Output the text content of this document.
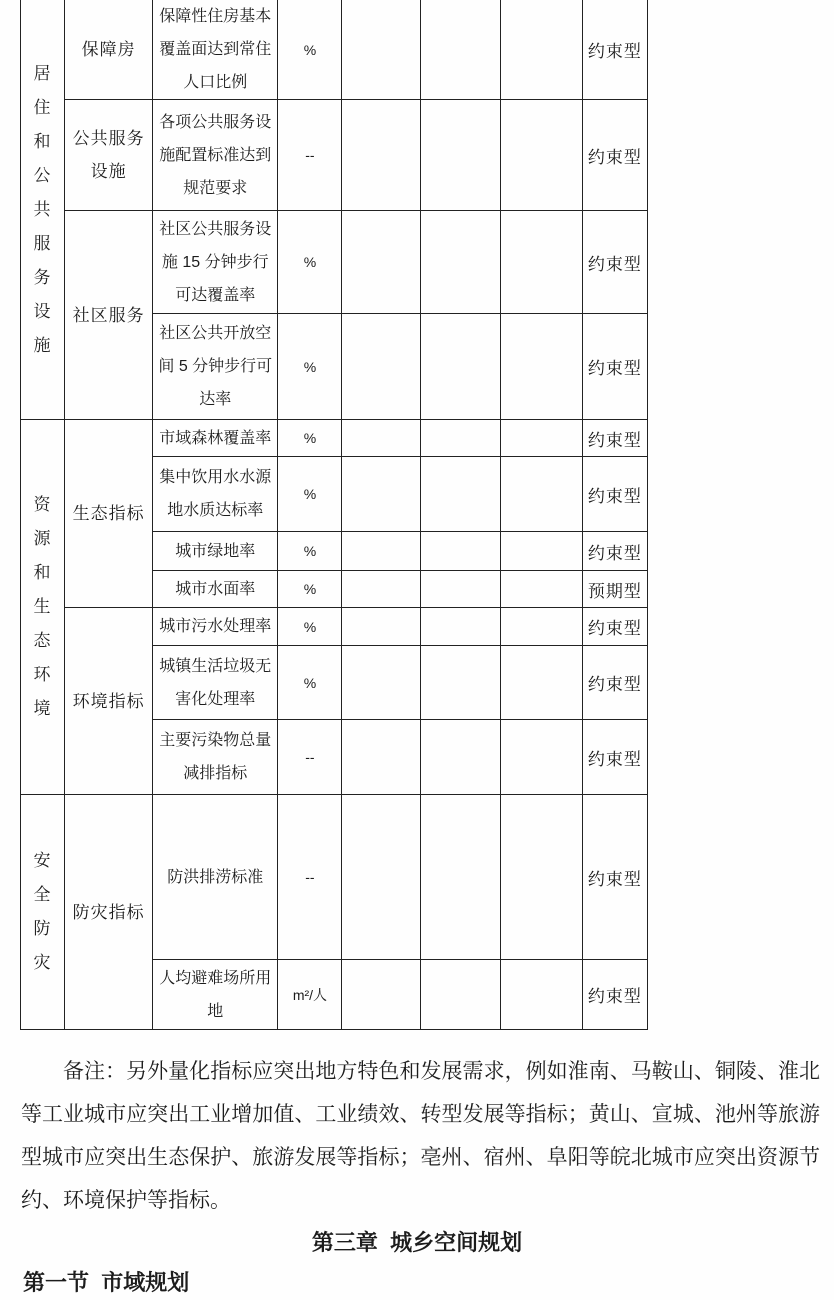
居住和公共服务设施	保障房	保障性住房基本覆盖面达到常住人口比例	%				约束型
	公共服务设施	各项公共服务设施配置标准达到规范要求	--				约束型
	社区服务	社区公共服务设施 15 分钟步行可达覆盖率	%				约束型
		社区公共开放空间 5 分钟步行可达率	%				约束型
资源和生态环境	生态指标	市域森林覆盖率	%				约束型
		集中饮用水水源地水质达标率	%				约束型
		城市绿地率	%				约束型
		城市水面率	%				预期型
	环境指标	城市污水处理率	%				约束型
		城镇生活垃圾无害化处理率	%				约束型
		主要污染物总量减排指标	--				约束型
安全防灾	防灾指标	防洪排涝标准	--				约束型
		人均避难场所用地	m²/人				约束型

备注：另外量化指标应突出地方特色和发展需求，例如淮南、马鞍山、铜陵、淮北等工业城市应突出工业增加值、工业绩效、转型发展等指标；黄山、宣城、池州等旅游型城市应突出生态保护、旅游发展等指标；亳州、宿州、阜阳等皖北城市应突出资源节约、环境保护等指标。

第三章  城乡空间规划
第一节  市域规划
